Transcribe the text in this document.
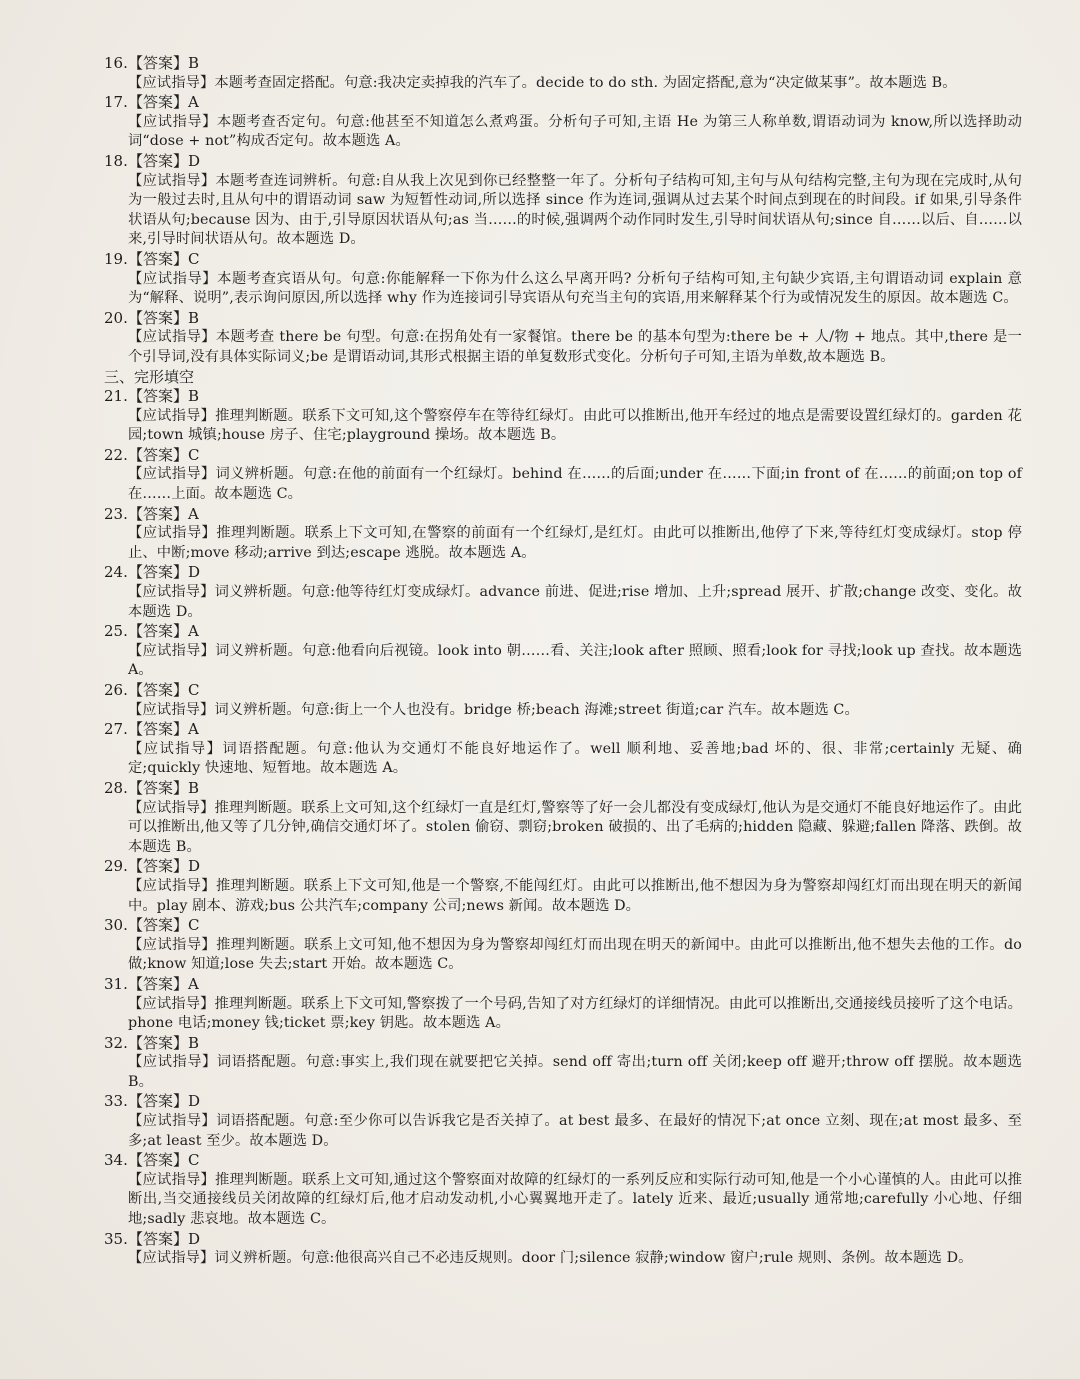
16.【答案】B
【应试指导】本题考查固定搭配。句意:我决定卖掉我的汽车了。decide to do sth. 为固定搭配,意为“决定做某事”。故本题选 B。
17.【答案】A
【应试指导】本题考查否定句。句意:他甚至不知道怎么煮鸡蛋。分析句子可知,主语 He 为第三人称单数,谓语动词为 know,所以选择助动词“dose + not”构成否定句。故本题选 A。
18.【答案】D
【应试指导】本题考查连词辨析。句意:自从我上次见到你已经整整一年了。分析句子结构可知,主句与从句结构完整,主句为现在完成时,从句为一般过去时,且从句中的谓语动词 saw 为短暂性动词,所以选择 since 作为连词,强调从过去某个时间点到现在的时间段。if 如果,引导条件状语从句;because 因为、由于,引导原因状语从句;as 当……的时候,强调两个动作同时发生,引导时间状语从句;since 自……以后、自……以来,引导时间状语从句。故本题选 D。
19.【答案】C
【应试指导】本题考查宾语从句。句意:你能解释一下你为什么这么早离开吗? 分析句子结构可知,主句缺少宾语,主句谓语动词 explain 意为“解释、说明”,表示询问原因,所以选择 why 作为连接词引导宾语从句充当主句的宾语,用来解释某个行为或情况发生的原因。故本题选 C。
20.【答案】B
【应试指导】本题考查 there be 句型。句意:在拐角处有一家餐馆。there be 的基本句型为:there be + 人/物 + 地点。其中,there 是一个引导词,没有具体实际词义;be 是谓语动词,其形式根据主语的单复数形式变化。分析句子可知,主语为单数,故本题选 B。
三、完形填空
21.【答案】B
【应试指导】推理判断题。联系下文可知,这个警察停车在等待红绿灯。由此可以推断出,他开车经过的地点是需要设置红绿灯的。garden 花园;town 城镇;house 房子、住宅;playground 操场。故本题选 B。
22.【答案】C
【应试指导】词义辨析题。句意:在他的前面有一个红绿灯。behind 在……的后面;under 在……下面;in front of 在……的前面;on top of 在……上面。故本题选 C。
23.【答案】A
【应试指导】推理判断题。联系上下文可知,在警察的前面有一个红绿灯,是红灯。由此可以推断出,他停了下来,等待红灯变成绿灯。stop 停止、中断;move 移动;arrive 到达;escape 逃脱。故本题选 A。
24.【答案】D
【应试指导】词义辨析题。句意:他等待红灯变成绿灯。advance 前进、促进;rise 增加、上升;spread 展开、扩散;change 改变、变化。故本题选 D。
25.【答案】A
【应试指导】词义辨析题。句意:他看向后视镜。look into 朝……看、关注;look after 照顾、照看;look for 寻找;look up 查找。故本题选 A。
26.【答案】C
【应试指导】词义辨析题。句意:街上一个人也没有。bridge 桥;beach 海滩;street 街道;car 汽车。故本题选 C。
27.【答案】A
【应试指导】词语搭配题。句意:他认为交通灯不能良好地运作了。well 顺利地、妥善地;bad 坏的、很、非常;certainly 无疑、确定;quickly 快速地、短暂地。故本题选 A。
28.【答案】B
【应试指导】推理判断题。联系上文可知,这个红绿灯一直是红灯,警察等了好一会儿都没有变成绿灯,他认为是交通灯不能良好地运作了。由此可以推断出,他又等了几分钟,确信交通灯坏了。stolen 偷窃、剽窃;broken 破损的、出了毛病的;hidden 隐藏、躲避;fallen 降落、跌倒。故本题选 B。
29.【答案】D
【应试指导】推理判断题。联系上下文可知,他是一个警察,不能闯红灯。由此可以推断出,他不想因为身为警察却闯红灯而出现在明天的新闻中。play 剧本、游戏;bus 公共汽车;company 公司;news 新闻。故本题选 D。
30.【答案】C
【应试指导】推理判断题。联系上文可知,他不想因为身为警察却闯红灯而出现在明天的新闻中。由此可以推断出,他不想失去他的工作。do 做;know 知道;lose 失去;start 开始。故本题选 C。
31.【答案】A
【应试指导】推理判断题。联系上下文可知,警察拨了一个号码,告知了对方红绿灯的详细情况。由此可以推断出,交通接线员接听了这个电话。phone 电话;money 钱;ticket 票;key 钥匙。故本题选 A。
32.【答案】B
【应试指导】词语搭配题。句意:事实上,我们现在就要把它关掉。send off 寄出;turn off 关闭;keep off 避开;throw off 摆脱。故本题选 B。
33.【答案】D
【应试指导】词语搭配题。句意:至少你可以告诉我它是否关掉了。at best 最多、在最好的情况下;at once 立刻、现在;at most 最多、至多;at least 至少。故本题选 D。
34.【答案】C
【应试指导】推理判断题。联系上文可知,通过这个警察面对故障的红绿灯的一系列反应和实际行动可知,他是一个小心谨慎的人。由此可以推断出,当交通接线员关闭故障的红绿灯后,他才启动发动机,小心翼翼地开走了。lately 近来、最近;usually 通常地;carefully 小心地、仔细地;sadly 悲哀地。故本题选 C。
35.【答案】D
【应试指导】词义辨析题。句意:他很高兴自己不必违反规则。door 门;silence 寂静;window 窗户;rule 规则、条例。故本题选 D。
